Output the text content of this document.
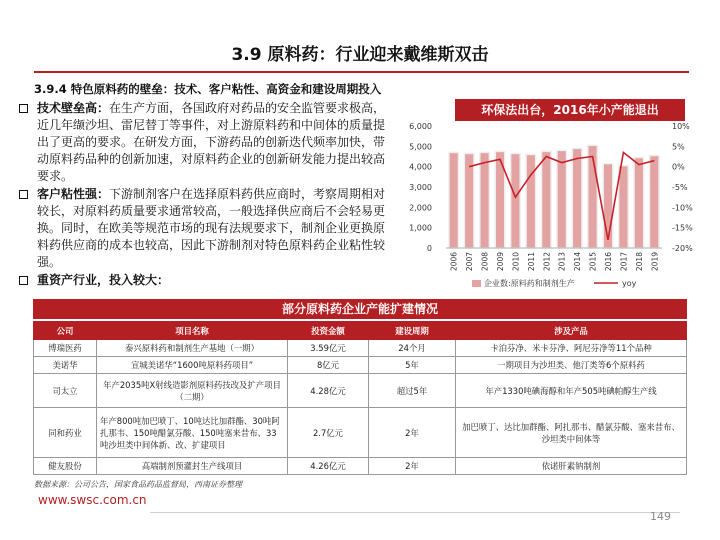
3.9 原料药：行业迎来戴维斯双击
3.9.4 特色原料药的壁垒：技术、客户粘性、高资金和建设周期投入
技术壁垒高：在生产方面，各国政府对药品的安全监管要求极高，近几年缬沙坦、雷尼替丁等事件，对上游原料药和中间体的质量提出了更高的要求。在研发方面，下游药品的创新迭代频率加快，带动原料药品种的创新加速，对原料药企业的创新研发能力提出较高要求。
客户粘性强：下游制剂客户在选择原料药供应商时，考察周期相对较长，对原料药质量要求通常较高，一般选择供应商后不会轻易更换。同时，在欧美等规范市场的现有法规要求下，制剂企业更换原料药供应商的成本也较高，因此下游制剂对特色原料药企业粘性较强。
重资产行业，投入较大：
环保法出台，2016年小产能退出
0
1,000
2,000
3,000
4,000
5,000
6,000
-20%
-15%
-10%
-5%
0%
5%
10%
2006 2007 2008 2009 2010 2011 2012 2013 2014 2015 2016 2017 2018 2019
企业数:原料药和制剂生产	yoy
部分原料药企业产能扩建情况
公司	项目名称	投资金额	建设周期	涉及产品
博瑞医药	泰兴原料药和制剂生产基地（一期）	3.59亿元	24个月	卡泊芬净、米卡芬净、阿尼芬净等11个品种
美诺华	宣城美诺华“1600吨原料药项目”	8亿元	5年	一期项目为沙坦类、他汀类等6个原料药
司太立	年产2035吨X射线造影剂原料药技改及扩产项目（二期）	4.28亿元	超过5年	年产1330吨碘海醇和年产505吨碘帕醇生产线
同和药业	年产800吨加巴喷丁、10吨达比加群酯、30吨阿扎那韦、150吨醋氯芬酸、150吨塞来昔布、33吨沙坦类中间体新、改、扩建项目	2.7亿元	2年	加巴喷丁、达比加群酯、阿扎那韦、醋氯芬酸、塞来昔布、沙坦类中间体等
健友股份	高端制剂预灌封生产线项目	4.26亿元	2年	依诺肝素钠制剂
数据来源：公司公告，国家食品药品监督局，西南证券整理
www.swsc.com.cn
149
